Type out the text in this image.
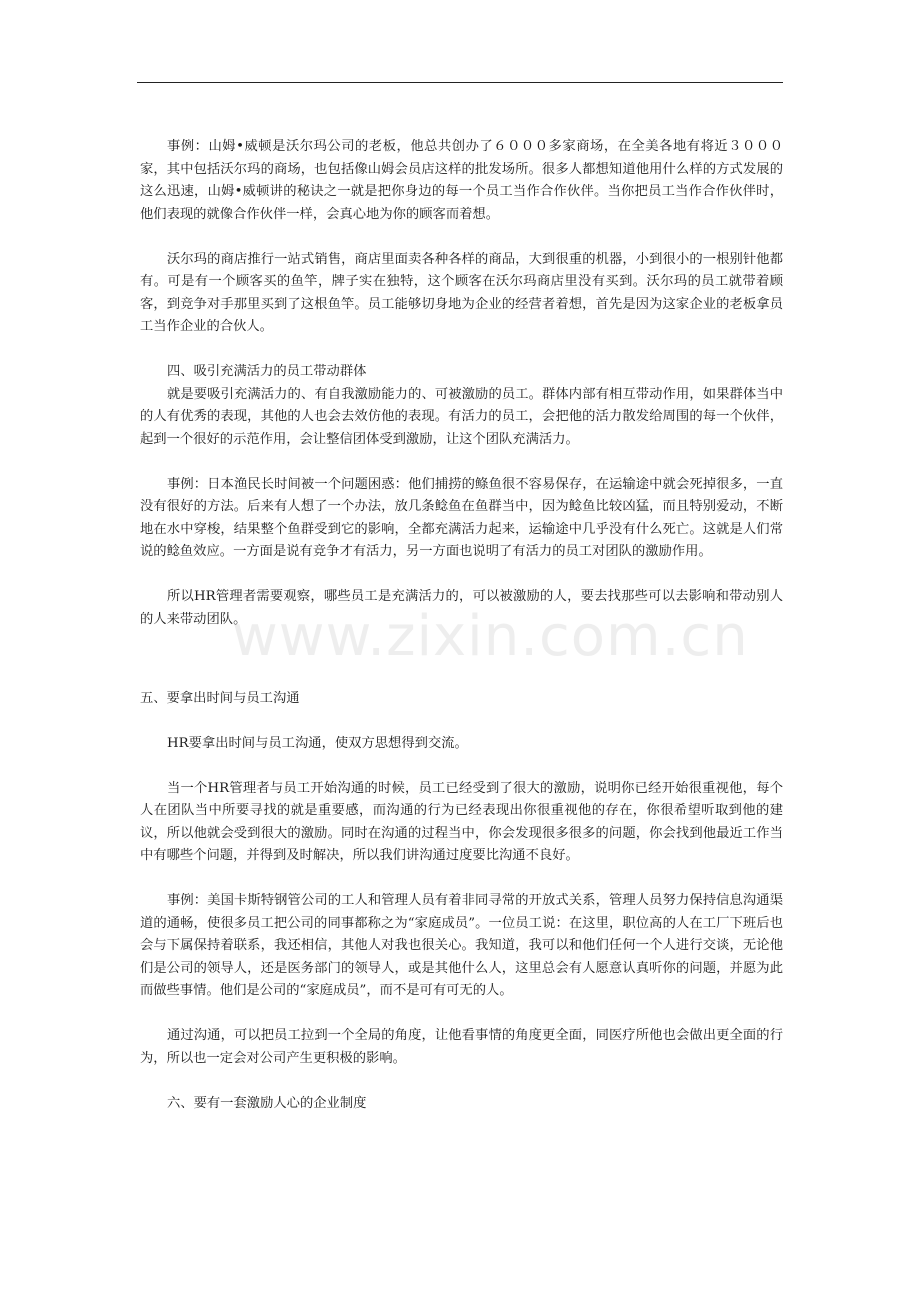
事例：山姆•威顿是沃尔玛公司的老板，他总共创办了６０００多家商场，在全美各地有将近３０００家，其中包括沃尔玛的商场，也包括像山姆会员店这样的批发场所。很多人都想知道他用什么样的方式发展的这么迅速，山姆•威顿讲的秘诀之一就是把你身边的每一个员工当作合作伙伴。当你把员工当作合作伙伴时，他们表现的就像合作伙伴一样，会真心地为你的顾客而着想。

沃尔玛的商店推行一站式销售，商店里面卖各种各样的商品，大到很重的机器，小到很小的一根别针他都有。可是有一个顾客买的鱼竿，牌子实在独特，这个顾客在沃尔玛商店里没有买到。沃尔玛的员工就带着顾客，到竞争对手那里买到了这根鱼竿。员工能够切身地为企业的经营者着想，首先是因为这家企业的老板拿员工当作企业的合伙人。

四、吸引充满活力的员工带动群体

就是要吸引充满活力的、有自我激励能力的、可被激励的员工。群体内部有相互带动作用，如果群体当中的人有优秀的表现，其他的人也会去效仿他的表现。有活力的员工，会把他的活力散发给周围的每一个伙伴，起到一个很好的示范作用，会让整信团体受到激励，让这个团队充满活力。

事例：日本渔民长时间被一个问题困惑：他们捕捞的鲦鱼很不容易保存，在运输途中就会死掉很多，一直没有很好的方法。后来有人想了一个办法，放几条鲶鱼在鱼群当中，因为鲶鱼比较凶猛，而且特别爱动，不断地在水中穿梭，结果整个鱼群受到它的影响，全都充满活力起来，运输途中几乎没有什么死亡。这就是人们常说的鲶鱼效应。一方面是说有竞争才有活力，另一方面也说明了有活力的员工对团队的激励作用。

所以HR管理者需要观察，哪些员工是充满活力的，可以被激励的人，要去找那些可以去影响和带动别人的人来带动团队。

五、要拿出时间与员工沟通

HR要拿出时间与员工沟通，使双方思想得到交流。

当一个HR管理者与员工开始沟通的时候，员工已经受到了很大的激励，说明你已经开始很重视他，每个人在团队当中所要寻找的就是重要感，而沟通的行为已经表现出你很重视他的存在，你很希望听取到他的建议，所以他就会受到很大的激励。同时在沟通的过程当中，你会发现很多很多的问题，你会找到他最近工作当中有哪些个问题，并得到及时解决，所以我们讲沟通过度要比沟通不良好。

事例：美国卡斯特钢管公司的工人和管理人员有着非同寻常的开放式关系，管理人员努力保持信息沟通渠道的通畅，使很多员工把公司的同事都称之为“家庭成员”。一位员工说：在这里，职位高的人在工厂下班后也会与下属保持着联系，我还相信，其他人对我也很关心。我知道，我可以和他们任何一个人进行交谈，无论他们是公司的领导人，还是医务部门的领导人，或是其他什么人，这里总会有人愿意认真听你的问题，并愿为此而做些事情。他们是公司的“家庭成员”，而不是可有可无的人。

通过沟通，可以把员工拉到一个全局的角度，让他看事情的角度更全面，同医疗所他也会做出更全面的行为，所以也一定会对公司产生更积极的影响。

六、要有一套激励人心的企业制度

www.zixin.com.cn
